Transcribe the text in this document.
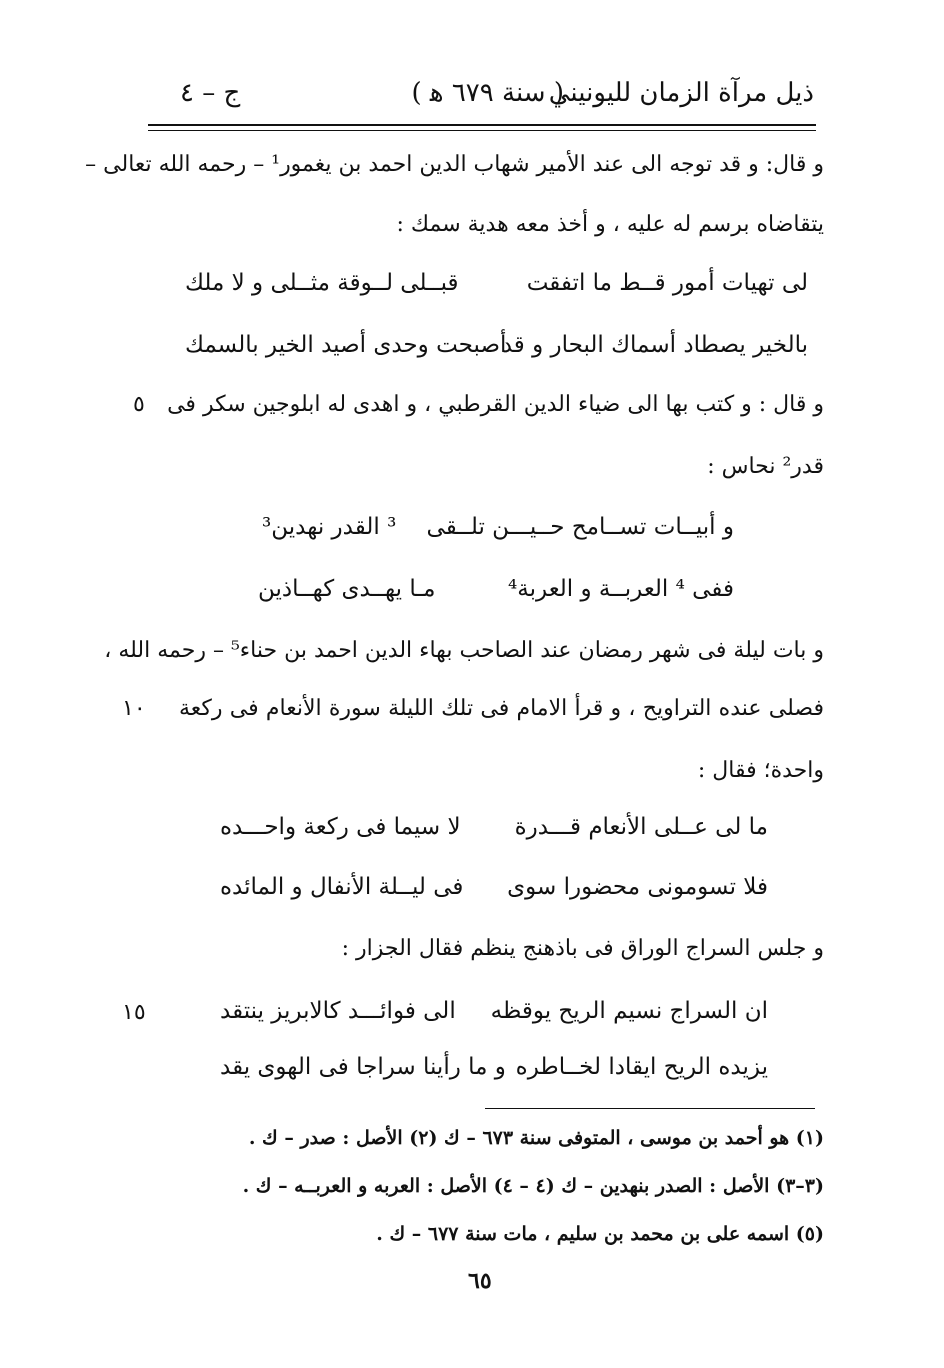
ذيل مرآة الزمان لليونيني
( سنة ٦٧٩ ﻫ )
ج – ٤
و قال: و قد توجه الى عند الأمير شهاب الدين احمد بن يغمور¹ – رحمه الله تعالى –
يتقاضاه برسم له عليه ، و أخذ معه هدية سمك :
لى تهيات أمور قــط ما اتفقت
قبــلى لــوقة مثــلى و لا ملك
بالخير يصطاد أسماك البحار و قد
أصبحت وحدى أصيد الخير بالسمك
و قال : و كتب بها الى ضياء الدين القرطبي ، و اهدى له ابلوجين سكر فى
٥
قدر² نحاس :
و أبيــات تســامح حــيـــن تلــقى
³ القدر نهدين³
ففى ⁴ العربــة و العربة⁴
مـا يهــدى كهــاذين
و بات ليلة فى شهر رمضان عند الصاحب بهاء الدين احمد بن حناء⁵ – رحمه الله ،
فصلى عنده التراويح ، و قرأ الامام فى تلك الليلة سورة الأنعام فى ركعة
١٠
واحدة؛ فقال :
ما لى عــلى الأنعام قـــدرة
لا سيما فى ركعة واحـــده
فلا تسومونى محضورا سوى
فى ليــلة الأنفال و المائده
و جلس السراج الوراق فى باذهنج ينظم فقال الجزار :
ان السراج نسيم الريح يوقظه
الى فوائـــد كالابريز ينتقد
١٥
يزيده الريح ايقادا لخــاطره
و ما رأينا سراجا فى الهوى يقد
(١) هو أحمد بن موسى ، المتوفى سنة ٦٧٣ – ك (٢) الأصل : صدر – ك .
(٣–٣) الأصل : الصدر بنهدين – ك (٤ – ٤) الأصل : العربه و العربــه – ك .
(٥) اسمه على بن محمد بن سليم ، مات سنة ٦٧٧ – ك .
٦٥
